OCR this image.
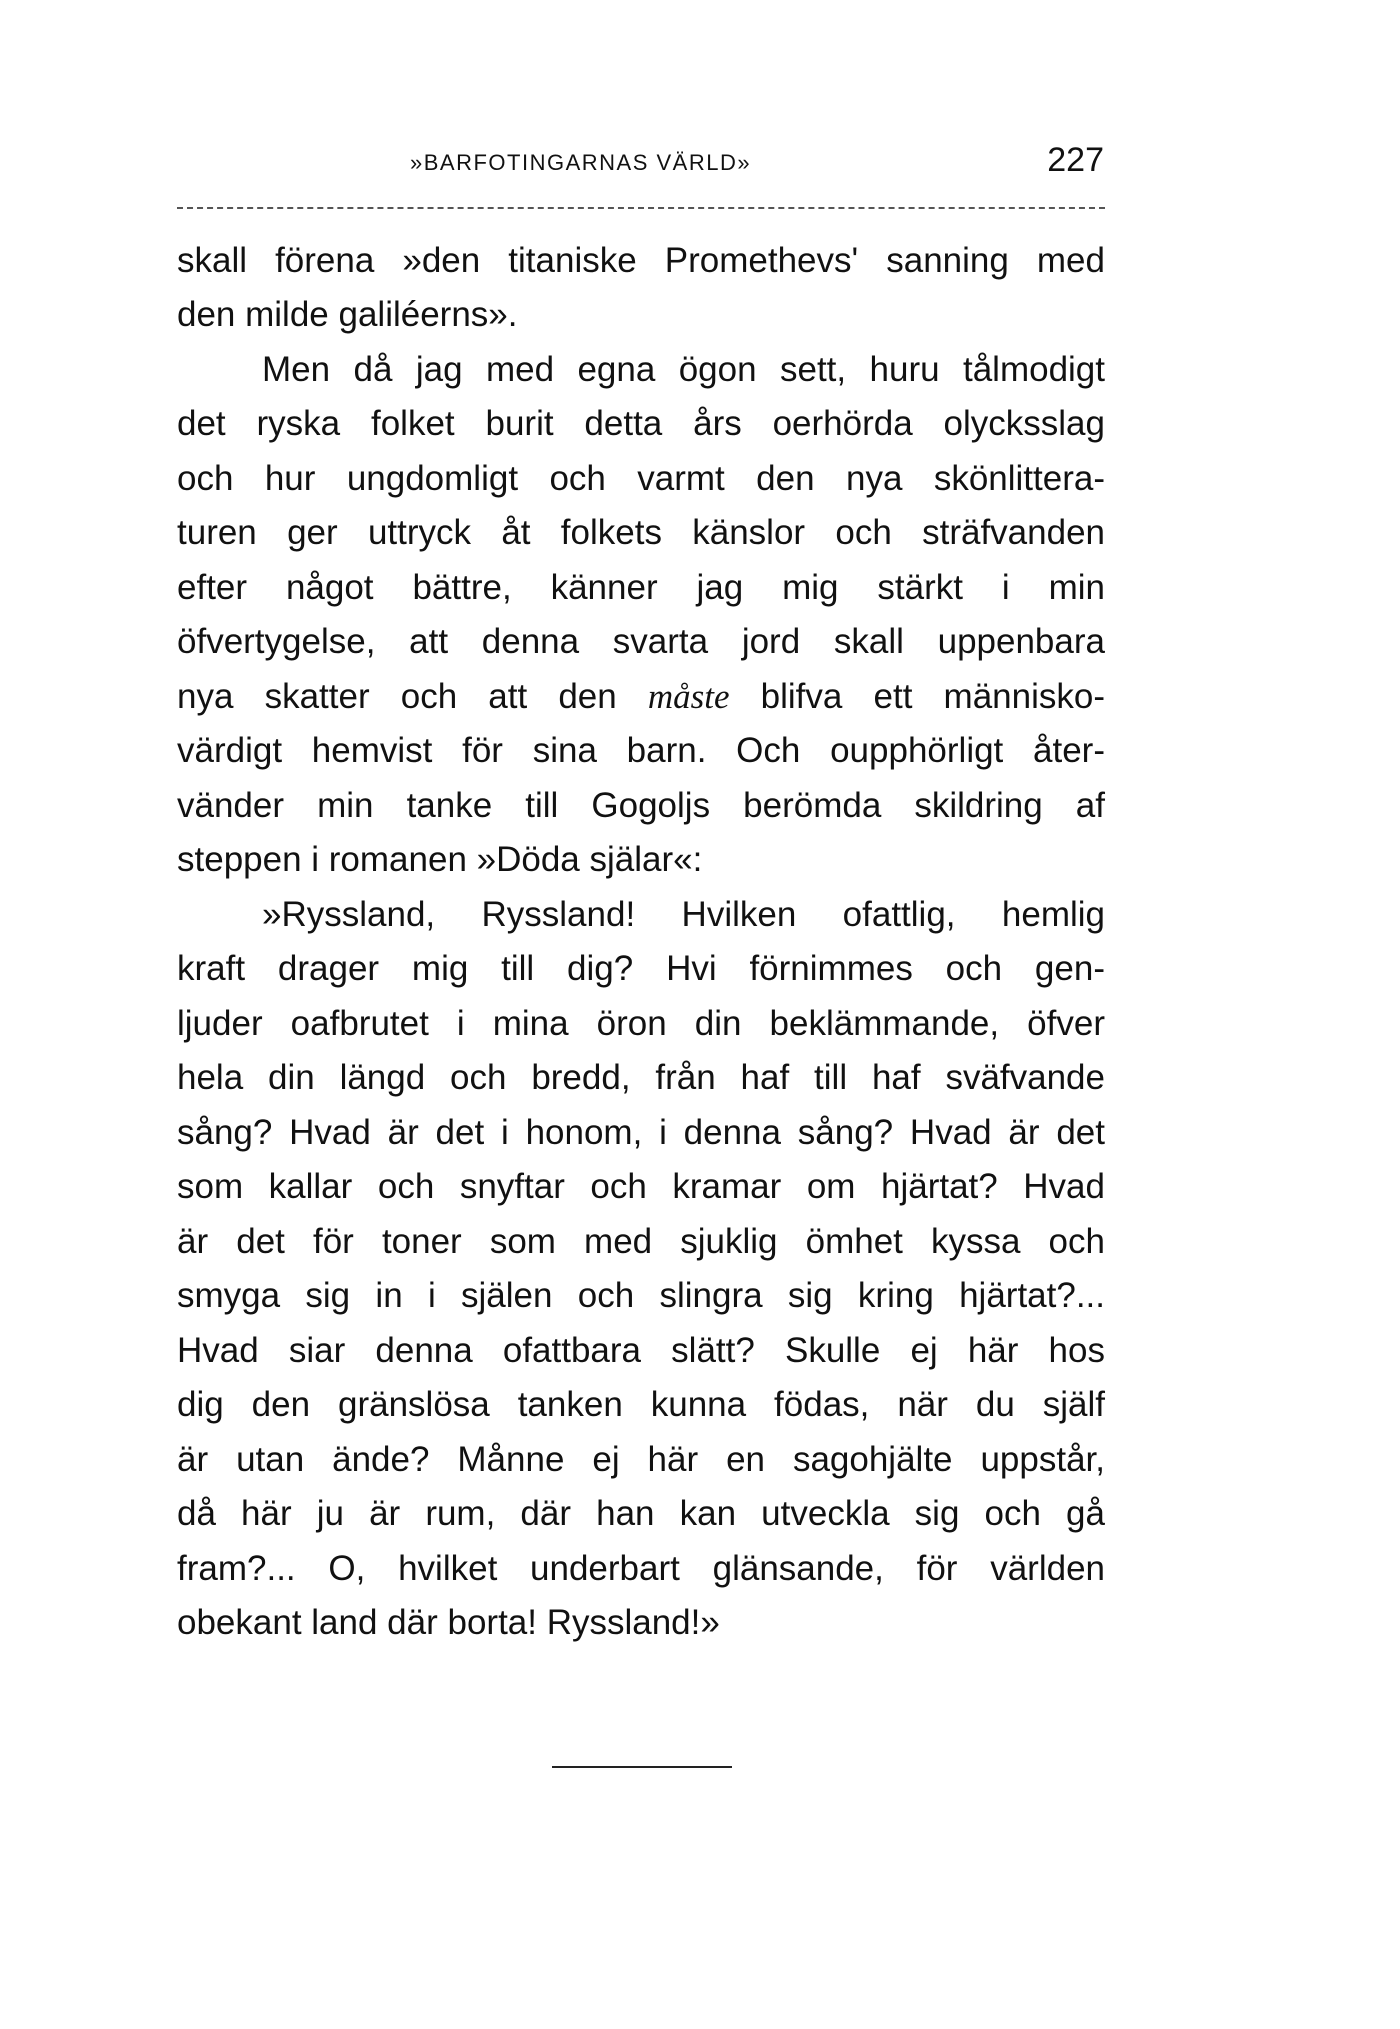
»BARFOTINGARNAS VÄRLD»	227
skall förena »den titaniske Promethevs' sanning med
den milde galiléerns».
Men då jag med egna ögon sett, huru tålmodigt
det ryska folket burit detta års oerhörda olycksslag
och hur ungdomligt och varmt den nya skönlittera-
turen ger uttryck åt folkets känslor och sträfvanden
efter något bättre, känner jag mig stärkt i min
öfvertygelse, att denna svarta jord skall uppenbara
nya skatter och att den måste blifva ett människo-
värdigt hemvist för sina barn. Och oupphörligt åter-
vänder min tanke till Gogoljs berömda skildring af
steppen i romanen »Döda själar«:
»Ryssland, Ryssland! Hvilken ofattlig, hemlig
kraft drager mig till dig? Hvi förnimmes och gen-
ljuder oafbrutet i mina öron din beklämmande, öfver
hela din längd och bredd, från haf till haf sväfvande
sång? Hvad är det i honom, i denna sång? Hvad är det
som kallar och snyftar och kramar om hjärtat? Hvad
är det för toner som med sjuklig ömhet kyssa och
smyga sig in i själen och slingra sig kring hjärtat?...
Hvad siar denna ofattbara slätt? Skulle ej här hos
dig den gränslösa tanken kunna födas, när du själf
är utan ände? Månne ej här en sagohjälte uppstår,
då här ju är rum, där han kan utveckla sig och gå
fram?... O, hvilket underbart glänsande, för världen
obekant land där borta! Ryssland!»
